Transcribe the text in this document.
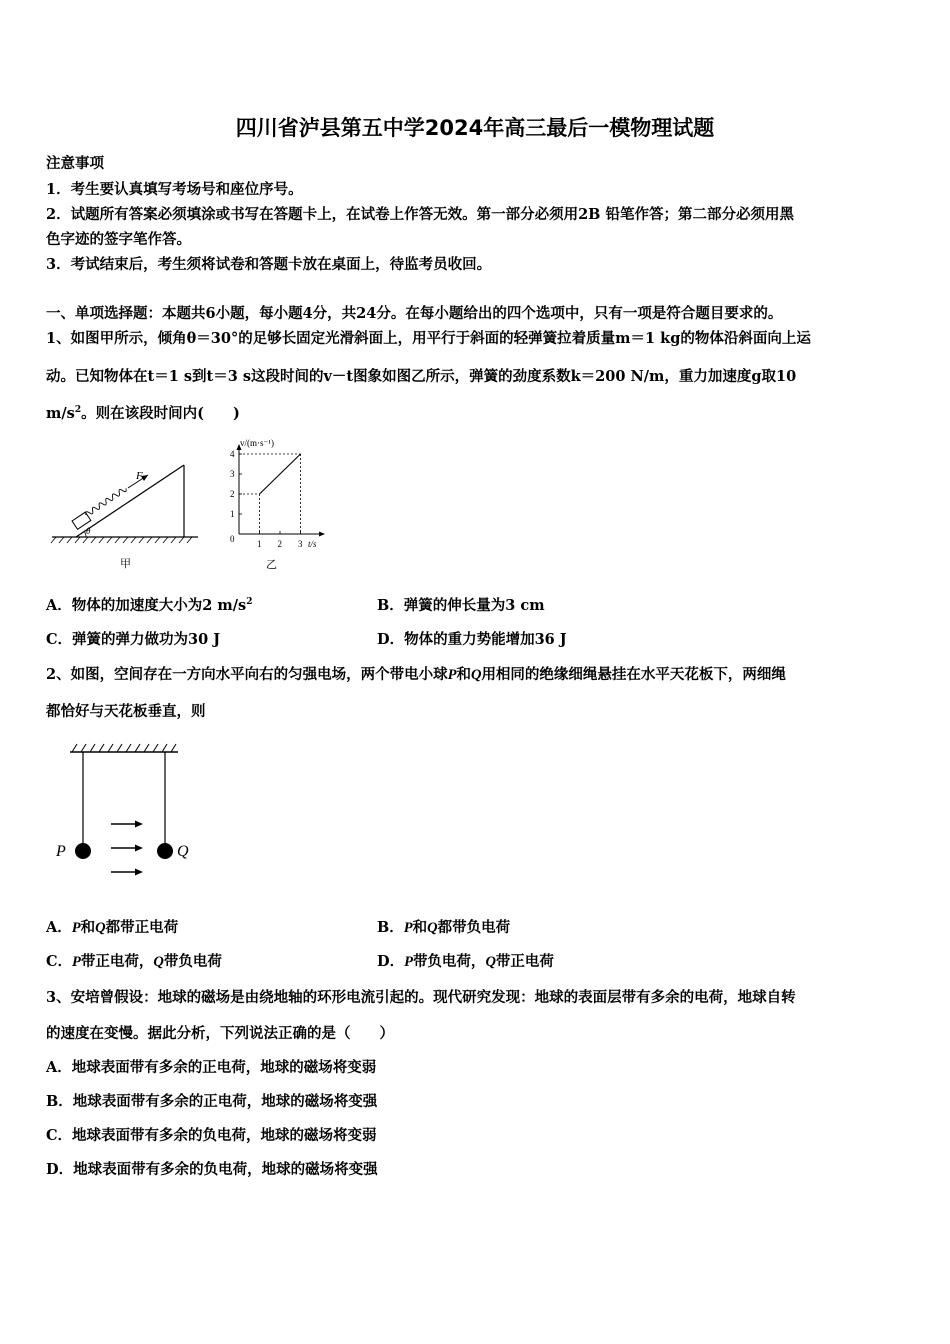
四川省泸县第五中学2024年高三最后一模物理试题
注意事项
1．考生要认真填写考场号和座位序号。
2．试题所有答案必须填涂或书写在答题卡上，在试卷上作答无效。第一部分必须用2B 铅笔作答；第二部分必须用黑
色字迹的签字笔作答。
3．考试结束后，考生须将试卷和答题卡放在桌面上，待监考员收回。
一、单项选择题：本题共6小题，每小题4分，共24分。在每小题给出的四个选项中，只有一项是符合题目要求的。
1、如图甲所示，倾角θ＝30°的足够长固定光滑斜面上，用平行于斜面的轻弹簧拉着质量m＝1 kg的物体沿斜面向上运
动。已知物体在t＝1 s到t＝3 s这段时间的v－t图象如图乙所示，弹簧的劲度系数k＝200 N/m，重力加速度g取10
$m/s^2$。则在该段时间内(　　)
F
θ
甲
v/(m·s⁻¹)
0
1
2
3
4
1 2 3 t/s
乙
A．物体的加速度大小为2 $m/s^2$	B．弹簧的伸长量为3 cm
C．弹簧的弹力做功为30 J	D．物体的重力势能增加36 J
2、如图，空间存在一方向水平向右的匀强电场，两个带电小球P和Q用相同的绝缘细绳悬挂在水平天花板下，两细绳
都恰好与天花板垂直，则
P	Q
A．P和Q都带正电荷	B．P和Q都带负电荷
C．P带正电荷，Q带负电荷	D．P带负电荷，Q带正电荷
3、安培曾假设：地球的磁场是由绕地轴的环形电流引起的。现代研究发现：地球的表面层带有多余的电荷，地球自转
的速度在变慢。据此分析，下列说法正确的是（　　）
A．地球表面带有多余的正电荷，地球的磁场将变弱
B．地球表面带有多余的正电荷，地球的磁场将变强
C．地球表面带有多余的负电荷，地球的磁场将变弱
D．地球表面带有多余的负电荷，地球的磁场将变强
